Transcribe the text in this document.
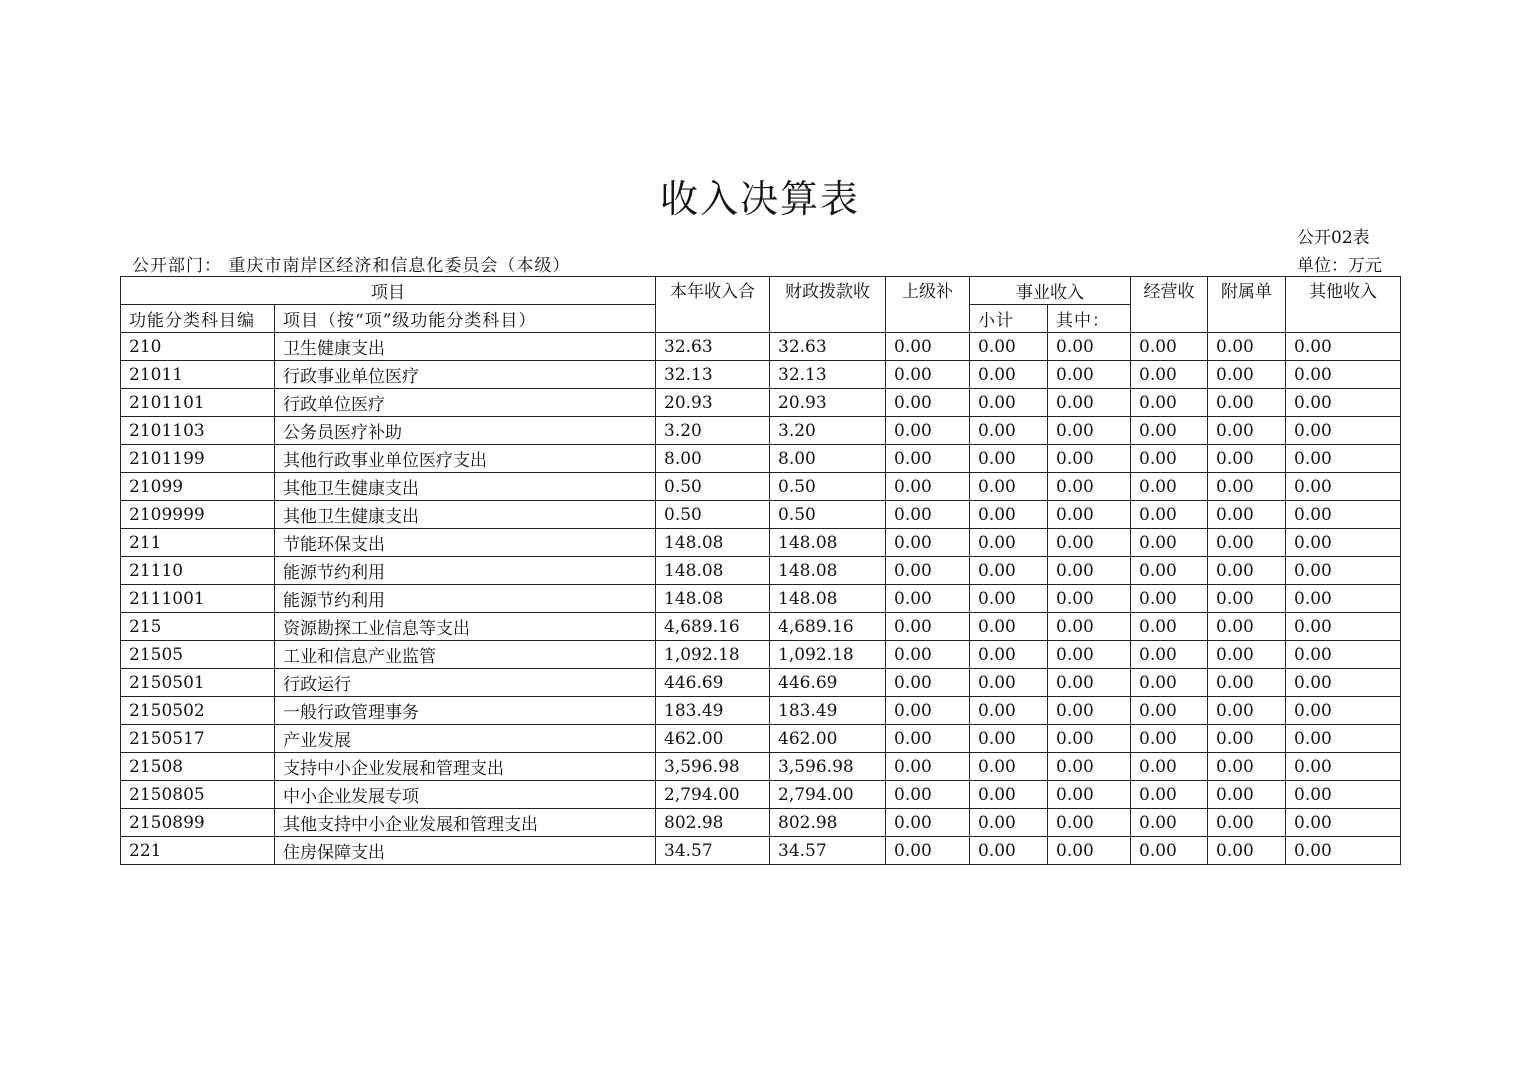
收入决算表
公开02表
公开部门： 重庆市南岸区经济和信息化委员会（本级）	单位：万元
项目		本年收入合	财政拨款收	上级补	事业收入		经营收	附属单	其他收入
功能分类科目编	项目（按“项”级功能分类科目）				小计	其中：			
210	卫生健康支出	32.63	32.63	0.00	0.00	0.00	0.00	0.00	0.00
21011	行政事业单位医疗	32.13	32.13	0.00	0.00	0.00	0.00	0.00	0.00
2101101	行政单位医疗	20.93	20.93	0.00	0.00	0.00	0.00	0.00	0.00
2101103	公务员医疗补助	3.20	3.20	0.00	0.00	0.00	0.00	0.00	0.00
2101199	其他行政事业单位医疗支出	8.00	8.00	0.00	0.00	0.00	0.00	0.00	0.00
21099	其他卫生健康支出	0.50	0.50	0.00	0.00	0.00	0.00	0.00	0.00
2109999	其他卫生健康支出	0.50	0.50	0.00	0.00	0.00	0.00	0.00	0.00
211	节能环保支出	148.08	148.08	0.00	0.00	0.00	0.00	0.00	0.00
21110	能源节约利用	148.08	148.08	0.00	0.00	0.00	0.00	0.00	0.00
2111001	能源节约利用	148.08	148.08	0.00	0.00	0.00	0.00	0.00	0.00
215	资源勘探工业信息等支出	4,689.16	4,689.16	0.00	0.00	0.00	0.00	0.00	0.00
21505	工业和信息产业监管	1,092.18	1,092.18	0.00	0.00	0.00	0.00	0.00	0.00
2150501	行政运行	446.69	446.69	0.00	0.00	0.00	0.00	0.00	0.00
2150502	一般行政管理事务	183.49	183.49	0.00	0.00	0.00	0.00	0.00	0.00
2150517	产业发展	462.00	462.00	0.00	0.00	0.00	0.00	0.00	0.00
21508	支持中小企业发展和管理支出	3,596.98	3,596.98	0.00	0.00	0.00	0.00	0.00	0.00
2150805	中小企业发展专项	2,794.00	2,794.00	0.00	0.00	0.00	0.00	0.00	0.00
2150899	其他支持中小企业发展和管理支出	802.98	802.98	0.00	0.00	0.00	0.00	0.00	0.00
221	住房保障支出	34.57	34.57	0.00	0.00	0.00	0.00	0.00	0.00
